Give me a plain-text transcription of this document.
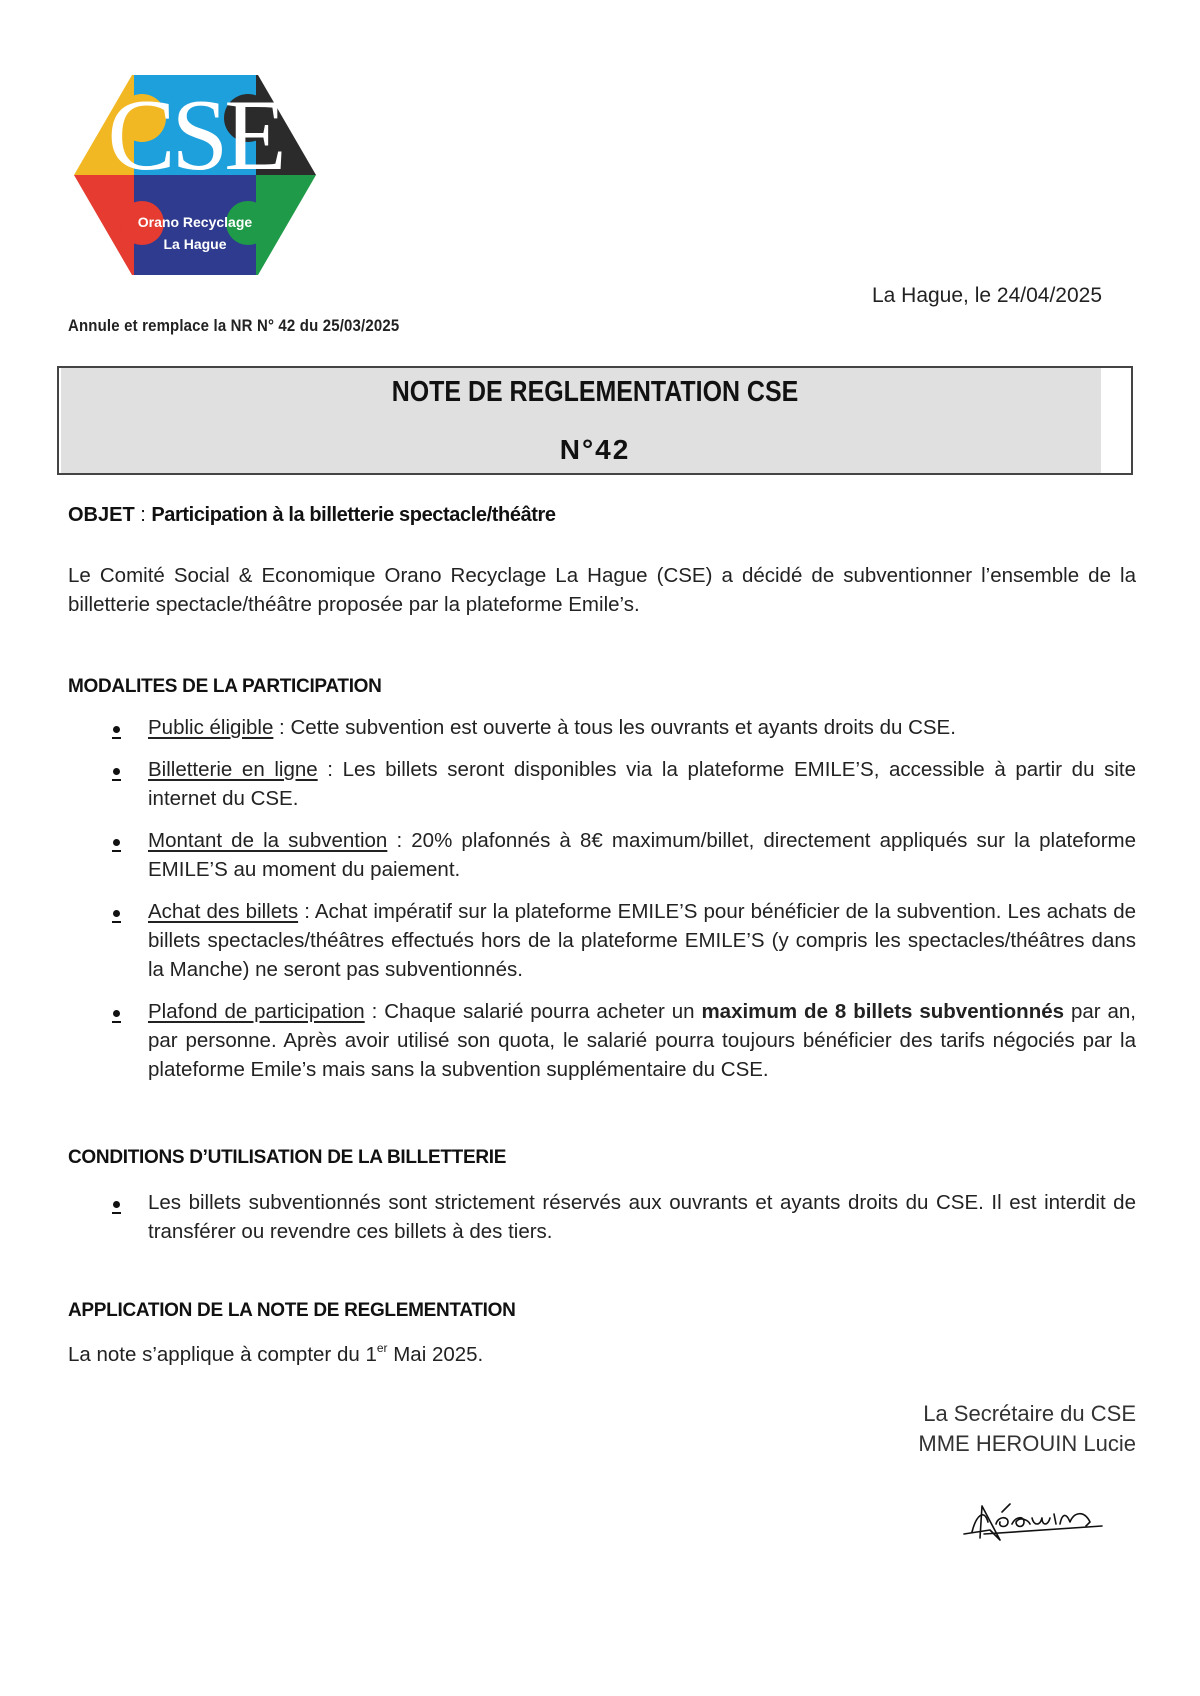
CSE
Orano Recyclage
La Hague
La Hague, le 24/04/2025
Annule et remplace la NR N° 42 du 25/03/2025
NOTE DE REGLEMENTATION CSE
N°42
OBJET : Participation à la billetterie spectacle/théâtre
Le Comité Social & Economique Orano Recyclage La Hague (CSE) a décidé de subventionner l’ensemble de la billetterie spectacle/théâtre proposée par la plateforme Emile’s.
MODALITES DE LA PARTICIPATION
Public éligible : Cette subvention est ouverte à tous les ouvrants et ayants droits du CSE.
Billetterie en ligne : Les billets seront disponibles via la plateforme EMILE’S, accessible à partir du site internet du CSE.
Montant de la subvention : 20% plafonnés à 8€ maximum/billet, directement appliqués sur la plateforme EMILE’S au moment du paiement.
Achat des billets : Achat impératif sur la plateforme EMILE’S pour bénéficier de la subvention. Les achats de billets spectacles/théâtres effectués hors de la plateforme EMILE’S (y compris les spectacles/théâtres dans la Manche) ne seront pas subventionnés.
Plafond de participation : Chaque salarié pourra acheter un maximum de 8 billets subventionnés par an, par personne. Après avoir utilisé son quota, le salarié pourra toujours bénéficier des tarifs négociés par la plateforme Emile’s mais sans la subvention supplémentaire du CSE.
CONDITIONS D’UTILISATION DE LA BILLETTERIE
Les billets subventionnés sont strictement réservés aux ouvrants et ayants droits du CSE. Il est interdit de transférer ou revendre ces billets à des tiers.
APPLICATION DE LA NOTE DE REGLEMENTATION
La note s’applique à compter du 1er Mai 2025.
La Secrétaire du CSE
MME HEROUIN Lucie
